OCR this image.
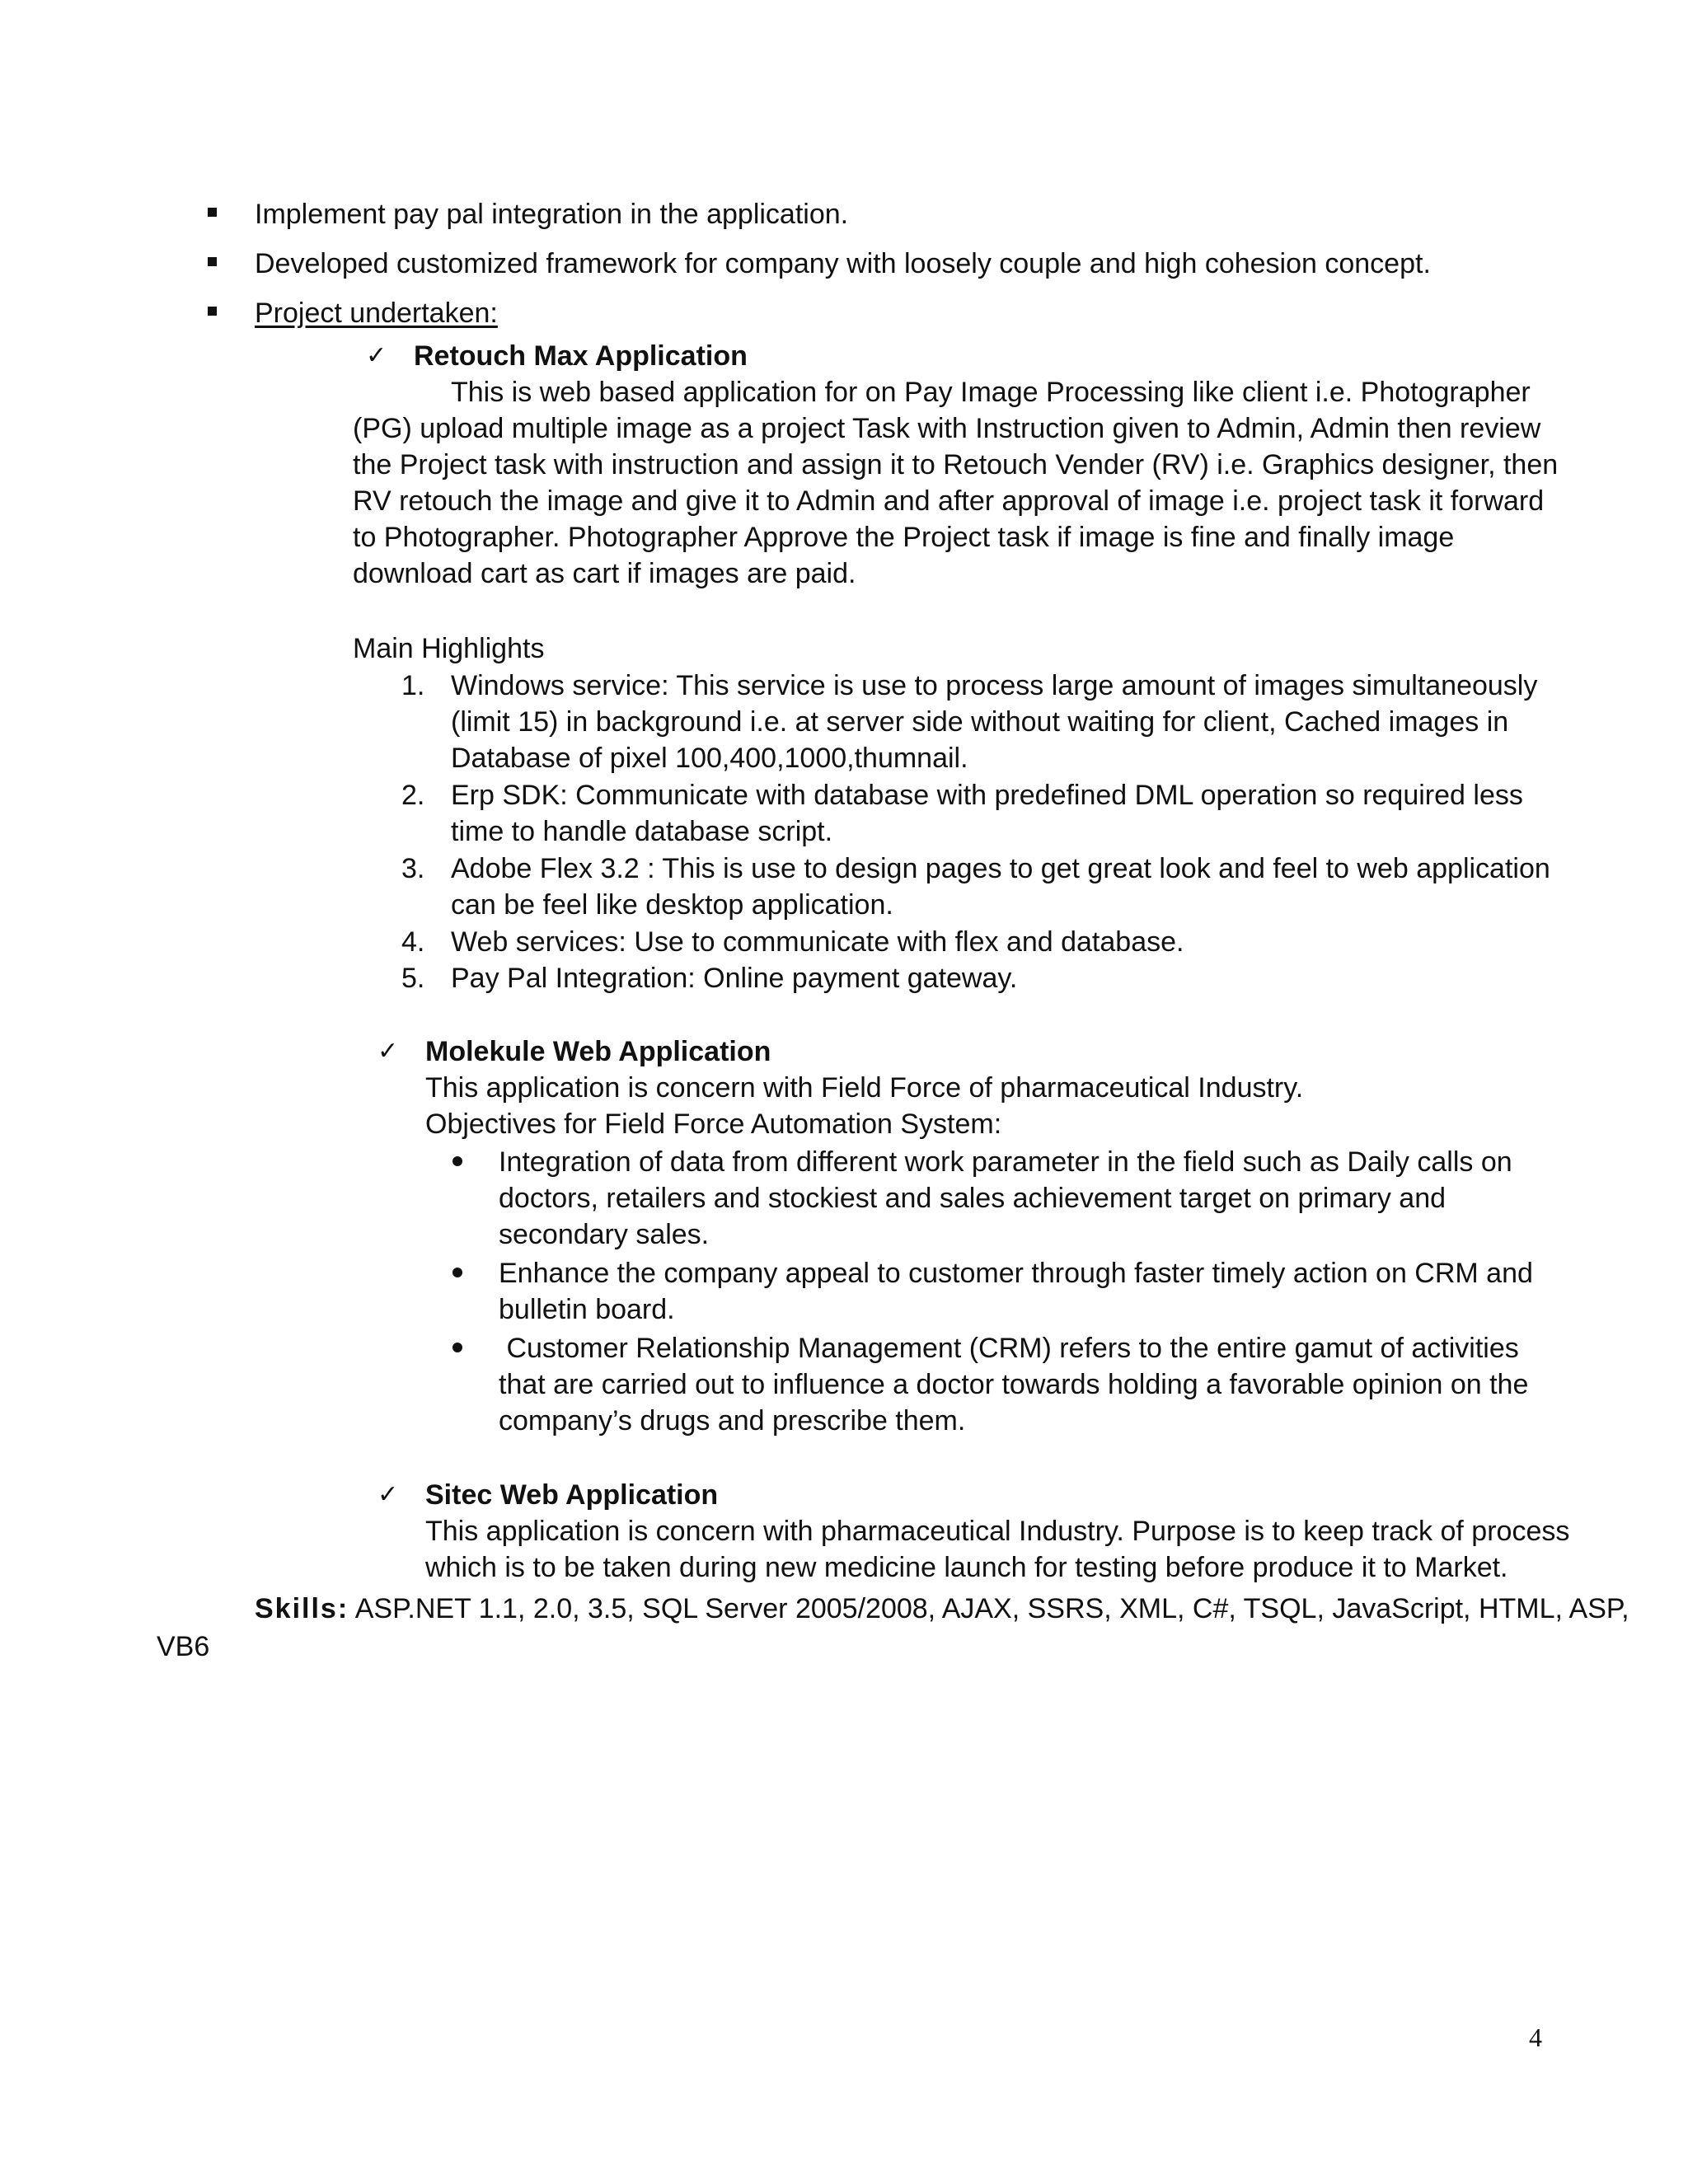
Implement pay pal integration in the application.
Developed customized framework for company with loosely couple and high cohesion concept.
Project undertaken:
✓ Retouch Max Application
This is web based application for on Pay Image Processing like client i.e. Photographer
(PG) upload multiple image as a project Task with Instruction given to Admin, Admin then review
the Project task with instruction and assign it to Retouch Vender (RV) i.e. Graphics designer, then
RV retouch the image and give it to Admin and after approval of image i.e. project task it forward
to Photographer. Photographer Approve the Project task if image is fine and finally image
download cart as cart if images are paid.
Main Highlights
1. Windows service: This service is use to process large amount of images simultaneously
(limit 15) in background i.e. at server side without waiting for client, Cached images in
Database of pixel 100,400,1000,thumnail.
2. Erp SDK: Communicate with database with predefined DML operation so required less
time to handle database script.
3. Adobe Flex 3.2 : This is use to design pages to get great look and feel to web application
can be feel like desktop application.
4. Web services: Use to communicate with flex and database.
5. Pay Pal Integration: Online payment gateway.
✓ Molekule Web Application
This application is concern with Field Force of pharmaceutical Industry.
Objectives for Field Force Automation System:
Integration of data from different work parameter in the field such as Daily calls on
doctors, retailers and stockiest and sales achievement target on primary and
secondary sales.
Enhance the company appeal to customer through faster timely action on CRM and
bulletin board.
Customer Relationship Management (CRM) refers to the entire gamut of activities
that are carried out to influence a doctor towards holding a favorable opinion on the
company’s drugs and prescribe them.
✓ Sitec Web Application
This application is concern with pharmaceutical Industry. Purpose is to keep track of process
which is to be taken during new medicine launch for testing before produce it to Market.
Skills: ASP.NET 1.1, 2.0, 3.5, SQL Server 2005/2008, AJAX, SSRS, XML, C#, TSQL, JavaScript, HTML, ASP,
VB6
4
